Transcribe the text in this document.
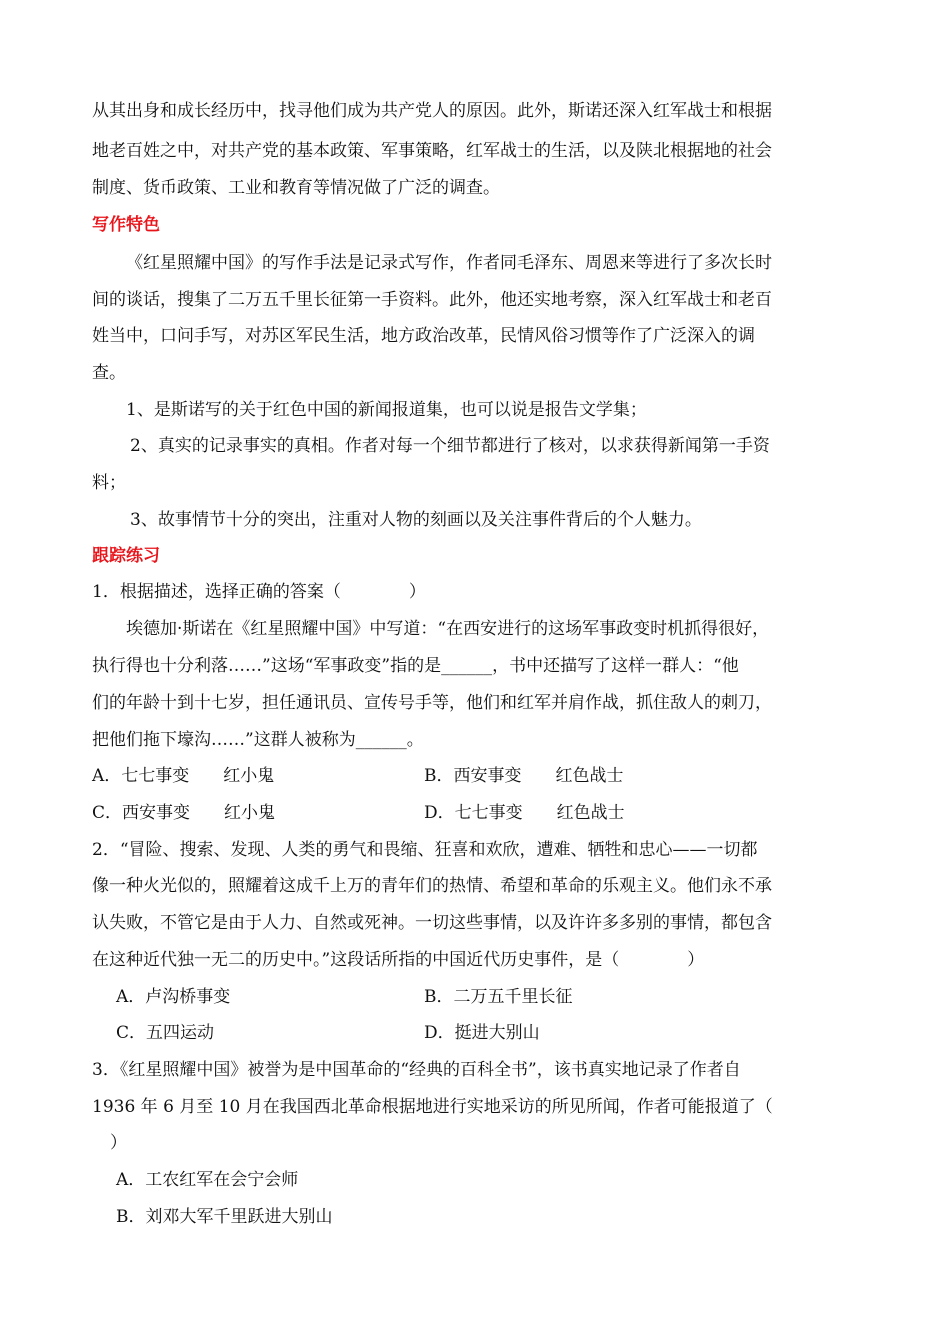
从其出身和成长经历中，找寻他们成为共产党人的原因。此外，斯诺还深入红军战士和根据
地老百姓之中，对共产党的基本政策、军事策略，红军战士的生活，以及陕北根据地的社会
制度、货币政策、工业和教育等情况做了广泛的调查。
写作特色
《红星照耀中国》的写作手法是记录式写作，作者同毛泽东、周恩来等进行了多次长时
间的谈话，搜集了二万五千里长征第一手资料。此外，他还实地考察，深入红军战士和老百
姓当中，口问手写，对苏区军民生活，地方政治改革，民情风俗习惯等作了广泛深入的调
查。
1、是斯诺写的关于红色中国的新闻报道集，也可以说是报告文学集；
2、真实的记录事实的真相。作者对每一个细节都进行了核对，以求获得新闻第一手资
料；
3、故事情节十分的突出，注重对人物的刻画以及关注事件背后的个人魅力。
跟踪练习
1．根据描述，选择正确的答案（　　　　）
埃德加·斯诺在《红星照耀中国》中写道：“在西安进行的这场军事政变时机抓得很好，
执行得也十分利落……”这场“军事政变”指的是______，书中还描写了这样一群人：“他
们的年龄十到十七岁，担任通讯员、宣传号手等，他们和红军并肩作战，抓住敌人的刺刀，
把他们拖下壕沟……”这群人被称为______。
A．七七事变　　红小鬼	B．西安事变　　红色战士
C．西安事变　　红小鬼	D．七七事变　　红色战士
2．“冒险、搜索、发现、人类的勇气和畏缩、狂喜和欢欣，遭难、牺牲和忠心——一切都
像一种火光似的，照耀着这成千上万的青年们的热情、希望和革命的乐观主义。他们永不承
认失败，不管它是由于人力、自然或死神。一切这些事情，以及许许多多别的事情，都包含
在这种近代独一无二的历史中。”这段话所指的中国近代历史事件，是（　　　　）
A．卢沟桥事变	B．二万五千里长征
C．五四运动	D．挺进大别山
3．《红星照耀中国》被誉为是中国革命的“经典的百科全书”，该书真实地记录了作者自
1936 年 6 月至 10 月在我国西北革命根据地进行实地采访的所见所闻，作者可能报道了（
）
A．工农红军在会宁会师
B．刘邓大军千里跃进大别山
